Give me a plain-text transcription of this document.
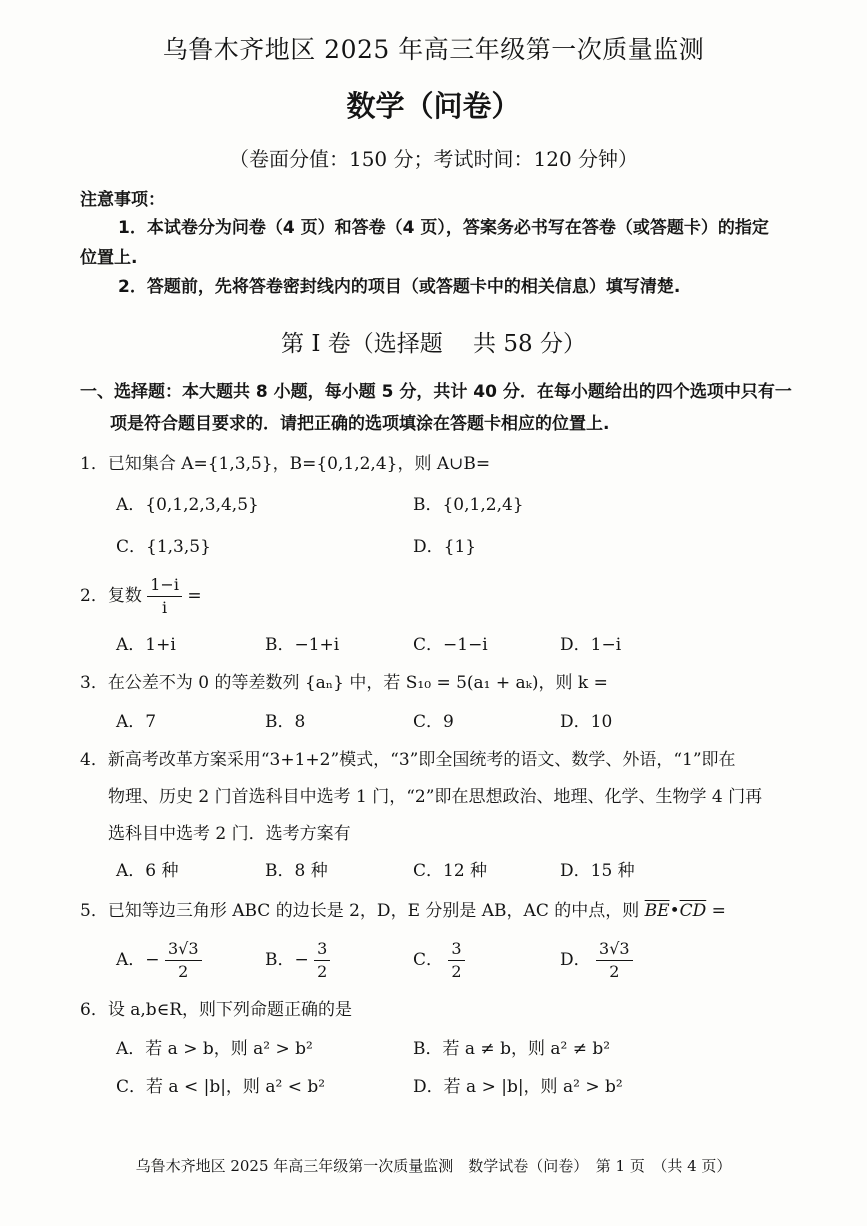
乌鲁木齐地区 2025 年高三年级第一次质量监测
数学（问卷）
（卷面分值：150 分；考试时间：120 分钟）
注意事项：
1．本试卷分为问卷（4 页）和答卷（4 页），答案务必书写在答卷（或答题卡）的指定
位置上.
2．答题前，先将答卷密封线内的项目（或答题卡中的相关信息）填写清楚.
第 I 卷（选择题　 共 58 分）
一、选择题：本大题共 8 小题，每小题 5 分，共计 40 分．在每小题给出的四个选项中只有一
项是符合题目要求的．请把正确的选项填涂在答题卡相应的位置上.
1．已知集合 A={1,3,5}，B={0,1,2,4}，则 A∪B=
A．{0,1,2,3,4,5}	B．{0,1,2,4}
C．{1,3,5}	D．{1}
2．复数 $\frac{1-i}{i}$ =
A．1+i	B．−1+i	C．−1−i	D．1−i
3．在公差不为 0 的等差数列 {aₙ} 中，若 S₁₀ = 5(a₁ + aₖ)，则 k =
A．7	B．8	C．9	D．10
4．新高考改革方案采用“3+1+2”模式，“3”即全国统考的语文、数学、外语，“1”即在
物理、历史 2 门首选科目中选考 1 门，“2”即在思想政治、地理、化学、生物学 4 门再
选科目中选考 2 门．选考方案有
A．6 种	B．8 种	C．12 种	D．15 种
5．已知等边三角形 ABC 的边长是 2，D，E 分别是 AB，AC 的中点，则 $\overline{BE}•\overline{CD}$ =
A．− $\frac{3√3}{2}$	B．− $\frac{3}{2}$	C． $\frac{3}{2}$	D． $\frac{3√3}{2}$
6．设 a,b∈R，则下列命题正确的是
A．若 a > b，则 a² > b²	B．若 a ≠ b，则 a² ≠ b²
C．若 a < |b|，则 a² < b²	D．若 a > |b|，则 a² > b²
乌鲁木齐地区 2025 年高三年级第一次质量监测　数学试卷（问卷）　第 1 页　（共 4 页）
